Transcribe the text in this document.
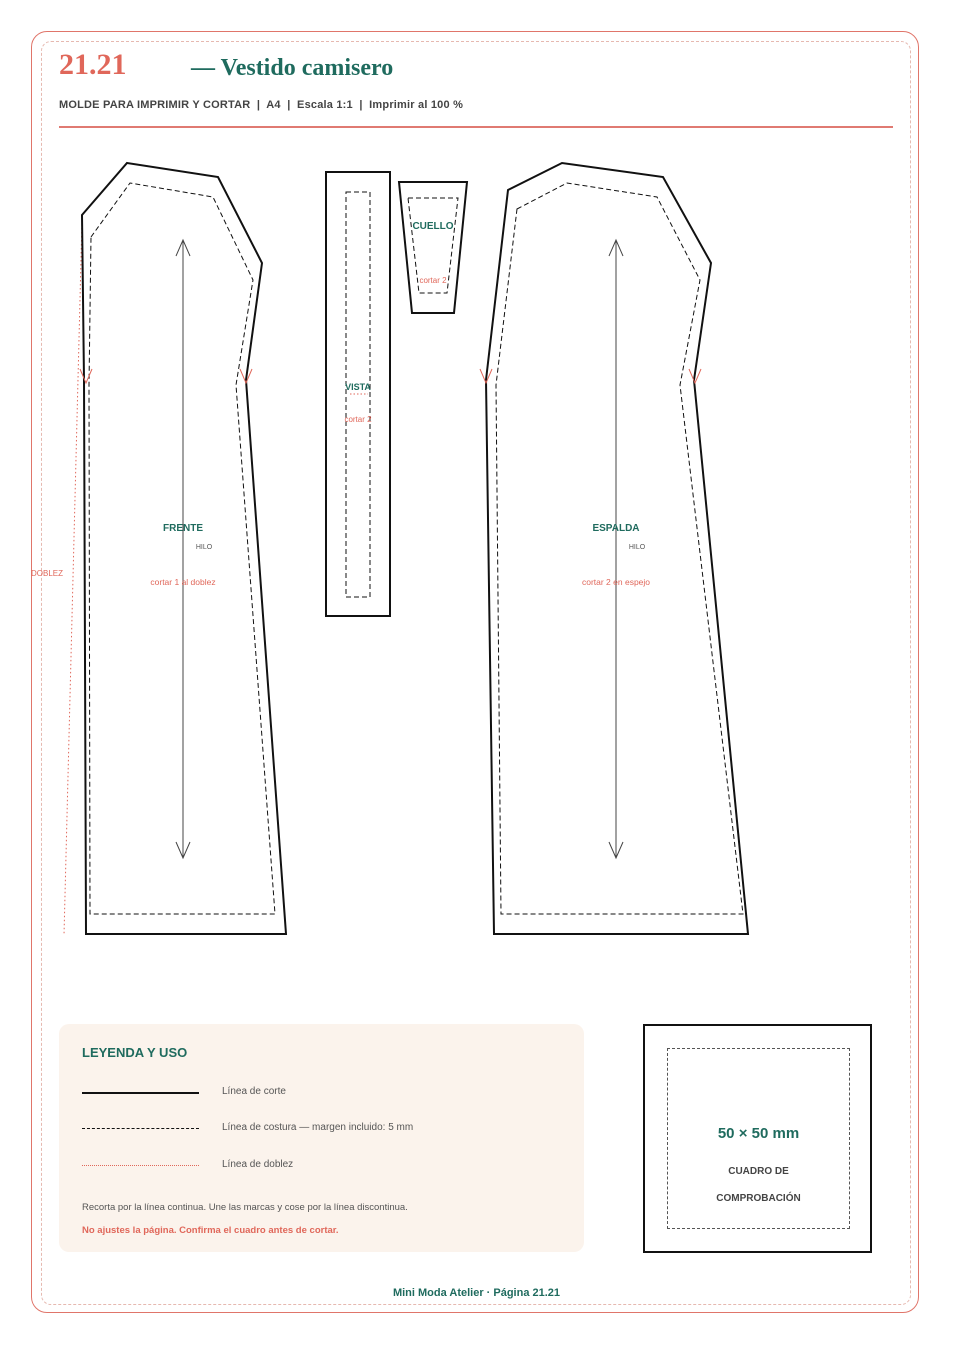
21.21	— Vestido camisero
MOLDE PARA IMPRIMIR Y CORTAR  |  A4  |  Escala 1:1  |  Imprimir al 100 %
DOBLEZ
FRENTE
HILO
cortar 1 al doblez
VISTA
cortar 2
CUELLO
cortar 2
ESPALDA
HILO
cortar 2 en espejo
LEYENDA Y USO
Línea de corte
Línea de costura — margen incluido: 5 mm
Línea de doblez
Recorta por la línea continua. Une las marcas y cose por la línea discontinua.
No ajustes la página. Confirma el cuadro antes de cortar.
50 × 50 mm
CUADRO DE
COMPROBACIÓN
Mini Moda Atelier · Página 21.21
